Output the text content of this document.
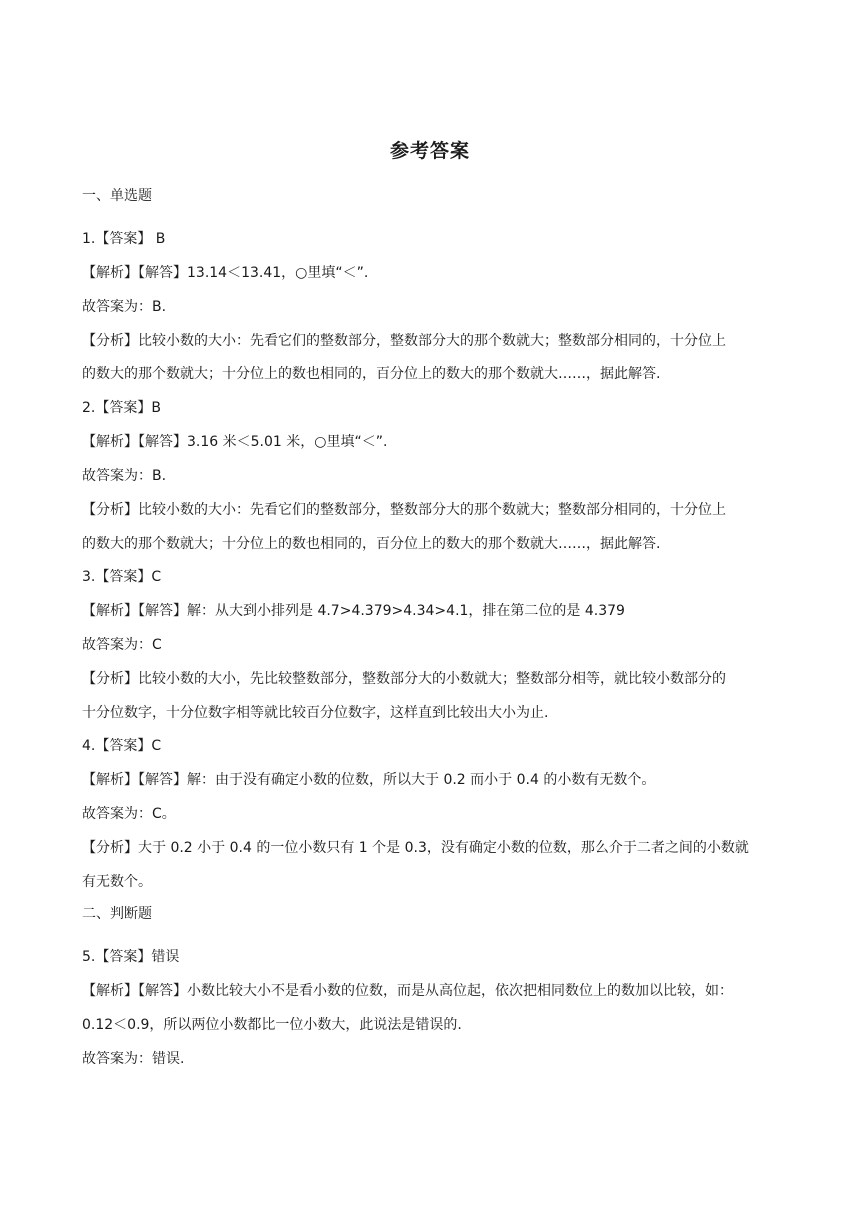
参考答案
一、单选题
1.【答案】 B
【解析】【解答】13.14＜13.41，○里填“＜”.
故答案为：B.
【分析】比较小数的大小：先看它们的整数部分，整数部分大的那个数就大；整数部分相同的，十分位上
的数大的那个数就大；十分位上的数也相同的，百分位上的数大的那个数就大……，据此解答.
2.【答案】B
【解析】【解答】3.16 米＜5.01 米，○里填“＜”.
故答案为：B.
【分析】比较小数的大小：先看它们的整数部分，整数部分大的那个数就大；整数部分相同的，十分位上
的数大的那个数就大；十分位上的数也相同的，百分位上的数大的那个数就大……，据此解答.
3.【答案】C
【解析】【解答】解：从大到小排列是 4.7>4.379>4.34>4.1，排在第二位的是 4.379
故答案为：C
【分析】比较小数的大小，先比较整数部分，整数部分大的小数就大；整数部分相等，就比较小数部分的
十分位数字，十分位数字相等就比较百分位数字，这样直到比较出大小为止.
4.【答案】C
【解析】【解答】解：由于没有确定小数的位数，所以大于 0.2 而小于 0.4 的小数有无数个。
故答案为：C。
【分析】大于 0.2 小于 0.4 的一位小数只有 1 个是 0.3，没有确定小数的位数，那么介于二者之间的小数就
有无数个。
二、判断题
5.【答案】错误
【解析】【解答】小数比较大小不是看小数的位数，而是从高位起，依次把相同数位上的数加以比较，如：
0.12＜0.9，所以两位小数都比一位小数大，此说法是错误的.
故答案为：错误.
